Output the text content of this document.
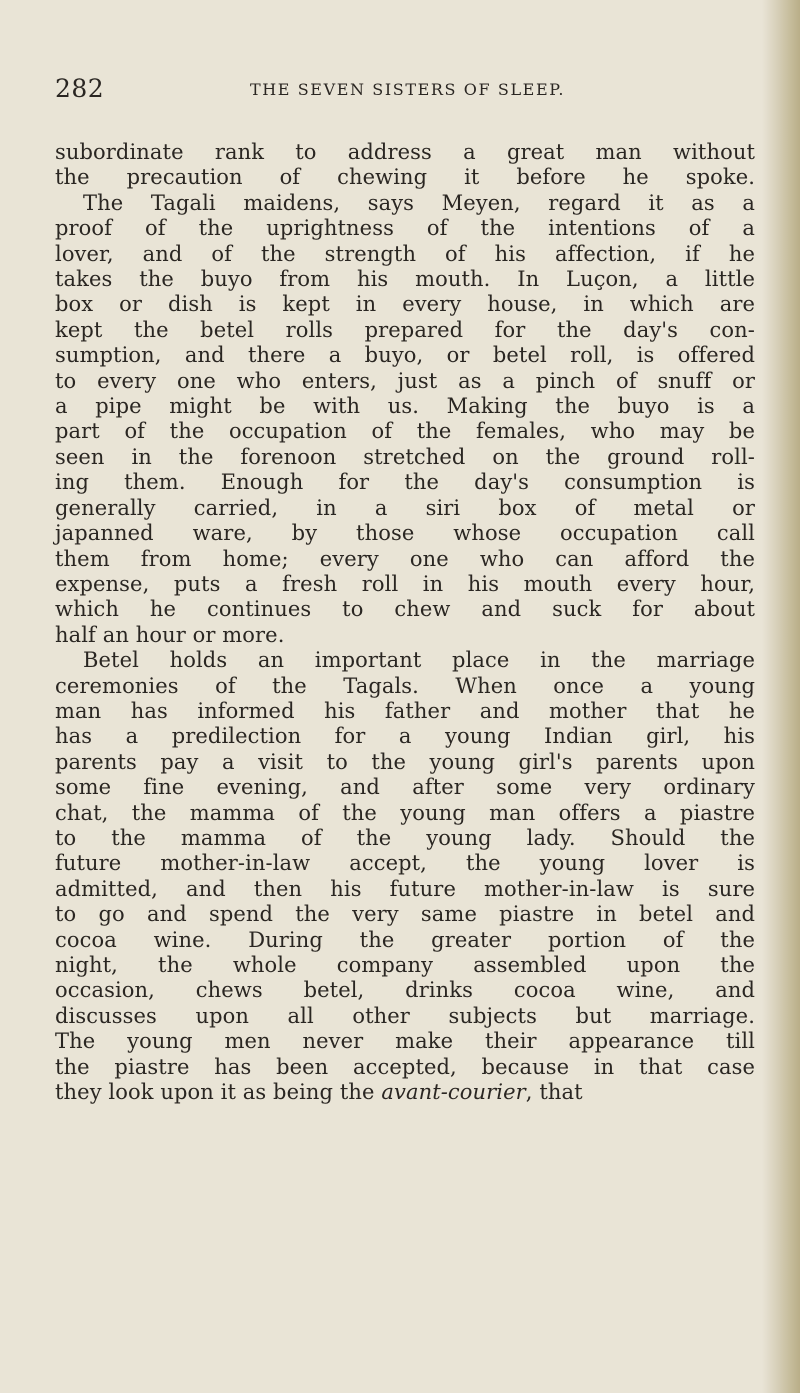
282	THE SEVEN SISTERS OF SLEEP.
subordinate rank to address a great man without
the precaution of chewing it before he spoke.
The Tagali maidens, says Meyen, regard it as a
proof of the uprightness of the intentions of a
lover, and of the strength of his affection, if he
takes the buyo from his mouth. In Luçon, a little
box or dish is kept in every house, in which are
kept the betel rolls prepared for the day's con-
sumption, and there a buyo, or betel roll, is offered
to every one who enters, just as a pinch of snuff or
a pipe might be with us. Making the buyo is a
part of the occupation of the females, who may be
seen in the forenoon stretched on the ground roll-
ing them. Enough for the day's consumption is
generally carried, in a siri box of metal or
japanned ware, by those whose occupation call
them from home; every one who can afford the
expense, puts a fresh roll in his mouth every hour,
which he continues to chew and suck for about
half an hour or more.
Betel holds an important place in the marriage
ceremonies of the Tagals. When once a young
man has informed his father and mother that he
has a predilection for a young Indian girl, his
parents pay a visit to the young girl's parents upon
some fine evening, and after some very ordinary
chat, the mamma of the young man offers a piastre
to the mamma of the young lady. Should the
future mother-in-law accept, the young lover is
admitted, and then his future mother-in-law is sure
to go and spend the very same piastre in betel and
cocoa wine. During the greater portion of the
night, the whole company assembled upon the
occasion, chews betel, drinks cocoa wine, and
discusses upon all other subjects but marriage.
The young men never make their appearance till
the piastre has been accepted, because in that case
they look upon it as being the avant-courier, that
